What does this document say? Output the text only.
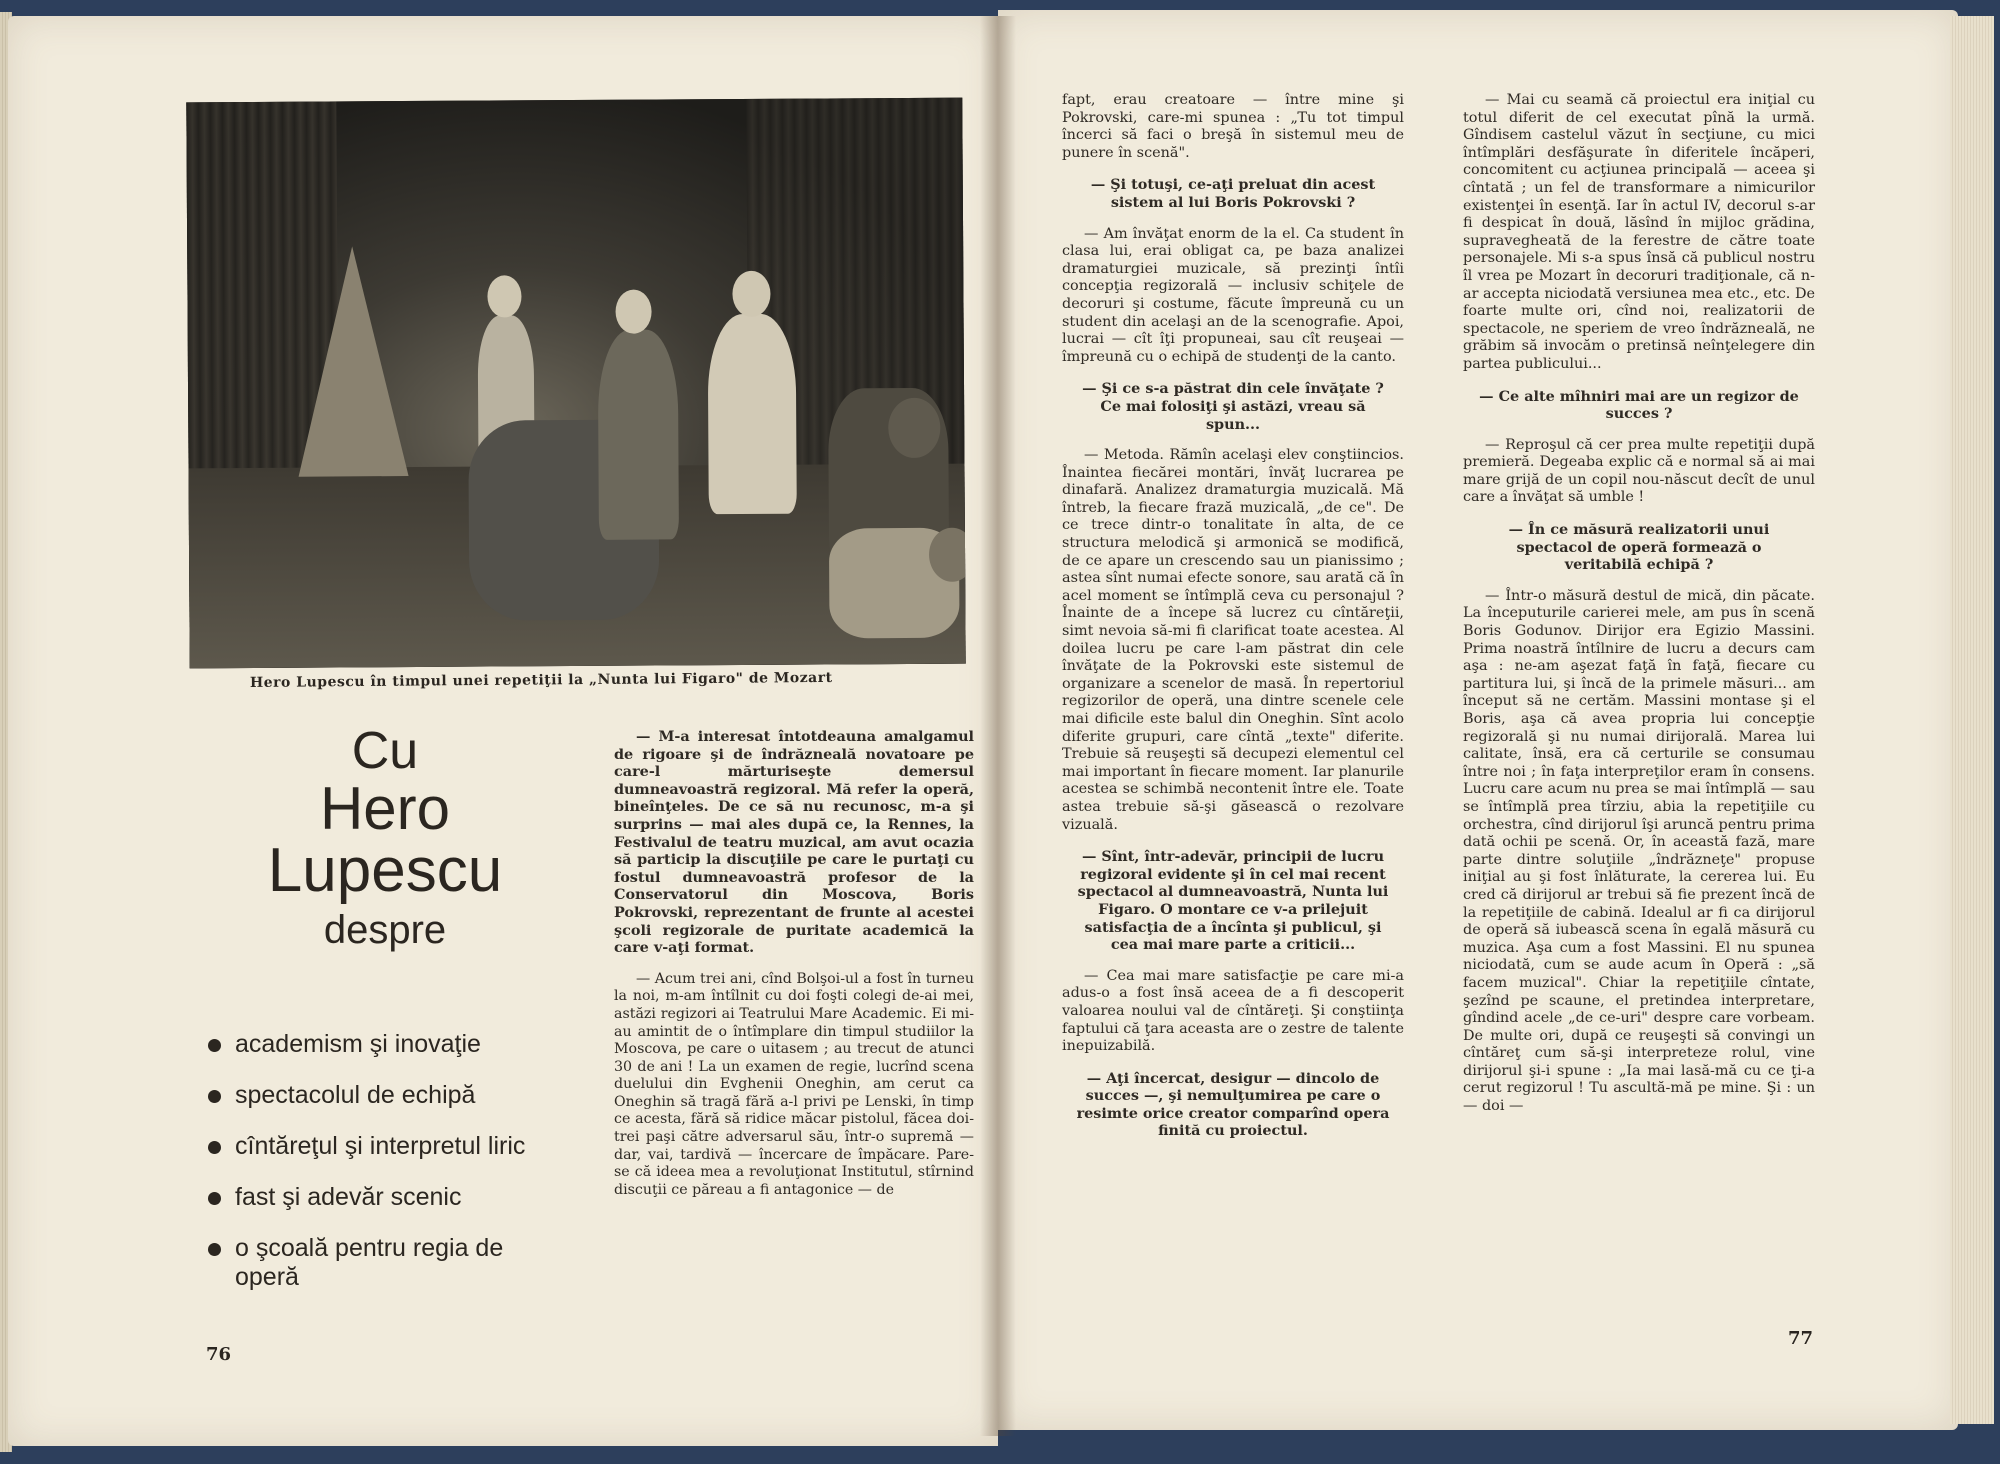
Hero Lupescu în timpul unei repetiţii la „Nunta lui Figaro" de Mozart
Cu
Hero
Lupescu
despre
academism şi inovaţie
spectacolul de echipă
cîntăreţul şi interpretul liric
fast şi adevăr scenic
o şcoală pentru regia de operă

— M-a interesat întotdeauna amalgamul de rigoare şi de îndrăzneală novatoare pe care-l mărturiseşte demersul dumneavoastră regizoral. Mă refer la operă, bineînţeles. De ce să nu recunosc, m-a şi surprins — mai ales după ce, la Rennes, la Festivalul de teatru muzical, am avut ocazia să particip la discuţiile pe care le purtaţi cu fostul dumneavoastră profesor de la Conservatorul din Moscova, Boris Pokrovski, reprezentant de frunte al acestei şcoli regizorale de puritate academică la care v-aţi format.

— Acum trei ani, cînd Bolşoi-ul a fost în turneu la noi, m-am întîlnit cu doi foşti colegi de-ai mei, astăzi regizori ai Teatrului Mare Academic. Ei mi-au amintit de o întîmplare din timpul studiilor la Moscova, pe care o uitasem ; au trecut de atunci 30 de ani ! La un examen de regie, lucrînd scena duelului din Evghenii Oneghin, am cerut ca Oneghin să tragă fără a-l privi pe Lenski, în timp ce acesta, fără să ridice măcar pistolul, făcea doi-trei paşi către adversarul său, într-o supremă — dar, vai, tardivă — încercare de împăcare. Pare-se că ideea mea a revoluţionat Institutul, stîrnind discuţii ce păreau a fi antagonice — de

76

fapt, erau creatoare — între mine şi Pokrovski, care-mi spunea : „Tu tot timpul încerci să faci o breşă în sistemul meu de punere în scenă".

— Şi totuşi, ce-aţi preluat din acest sistem al lui Boris Pokrovski ?

— Am învăţat enorm de la el. Ca student în clasa lui, erai obligat ca, pe baza analizei dramaturgiei muzicale, să prezinţi întîi concepţia regizorală — inclusiv schiţele de decoruri şi costume, făcute împreună cu un student din acelaşi an de la scenografie. Apoi, lucrai — cît îţi propuneai, sau cît reuşeai — împreună cu o echipă de studenţi de la canto.

— Şi ce s-a păstrat din cele învăţate ? Ce mai folosiţi şi astăzi, vreau să spun...

— Metoda. Rămîn acelaşi elev conştiincios. Înaintea fiecărei montări, învăţ lucrarea pe dinafară. Analizez dramaturgia muzicală. Mă întreb, la fiecare frază muzicală, „de ce". De ce trece dintr-o tonalitate în alta, de ce structura melodică şi armonică se modifică, de ce apare un crescendo sau un pianissimo ; astea sînt numai efecte sonore, sau arată că în acel moment se întîmplă ceva cu personajul ? Înainte de a începe să lucrez cu cîntăreţii, simt nevoia să-mi fi clarificat toate acestea. Al doilea lucru pe care l-am păstrat din cele învăţate de la Pokrovski este sistemul de organizare a scenelor de masă. În repertoriul regizorilor de operă, una dintre scenele cele mai dificile este balul din Oneghin. Sînt acolo diferite grupuri, care cîntă „texte" diferite. Trebuie să reuşeşti să decupezi elementul cel mai important în fiecare moment. Iar planurile acestea se schimbă necontenit între ele. Toate astea trebuie să-şi găsească o rezolvare vizuală.

— Sînt, într-adevăr, principii de lucru regizoral evidente şi în cel mai recent spectacol al dumneavoastră, Nunta lui Figaro. O montare ce v-a prilejuit satisfacţia de a încînta şi publicul, şi cea mai mare parte a criticii...

— Cea mai mare satisfacţie pe care mi-a adus-o a fost însă aceea de a fi descoperit valoarea noului val de cîntăreţi. Şi conştiinţa faptului că ţara aceasta are o zestre de talente inepuizabilă.

— Aţi încercat, desigur — dincolo de succes —, şi nemulţumirea pe care o resimte orice creator comparînd opera finită cu proiectul.

— Mai cu seamă că proiectul era iniţial cu totul diferit de cel executat pînă la urmă. Gîndisem castelul văzut în secţiune, cu mici întîmplări desfăşurate în diferitele încăperi, concomitent cu acţiunea principală — aceea şi cîntată ; un fel de transformare a nimicurilor existenţei în esenţă. Iar în actul IV, decorul s-ar fi despicat în două, lăsînd în mijloc grădina, supravegheată de la ferestre de către toate personajele. Mi s-a spus însă că publicul nostru îl vrea pe Mozart în decoruri tradiţionale, că n-ar accepta niciodată versiunea mea etc., etc. De foarte multe ori, cînd noi, realizatorii de spectacole, ne speriem de vreo îndrăzneală, ne grăbim să invocăm o pretinsă neînţelegere din partea publicului...

— Ce alte mîhniri mai are un regizor de succes ?

— Reproşul că cer prea multe repetiţii după premieră. Degeaba explic că e normal să ai mai mare grijă de un copil nou-născut decît de unul care a învăţat să umble !

— În ce măsură realizatorii unui spectacol de operă formează o veritabilă echipă ?

— Într-o măsură destul de mică, din păcate. La începuturile carierei mele, am pus în scenă Boris Godunov. Dirijor era Egizio Massini. Prima noastră întîlnire de lucru a decurs cam aşa : ne-am aşezat faţă în faţă, fiecare cu partitura lui, şi încă de la primele măsuri... am început să ne certăm. Massini montase şi el Boris, aşa că avea propria lui concepţie regizorală şi nu numai dirijorală. Marea lui calitate, însă, era că certurile se consumau între noi ; în faţa interpreţilor eram în consens. Lucru care acum nu prea se mai întîmplă — sau se întîmplă prea tîrziu, abia la repetiţiile cu orchestra, cînd dirijorul îşi aruncă pentru prima dată ochii pe scenă. Or, în această fază, mare parte dintre soluţiile „îndrăzneţe" propuse iniţial au şi fost înlăturate, la cererea lui. Eu cred că dirijorul ar trebui să fie prezent încă de la repetiţiile de cabină. Idealul ar fi ca dirijorul de operă să iubească scena în egală măsură cu muzica. Aşa cum a fost Massini. El nu spunea niciodată, cum se aude acum în Operă : „să facem muzical". Chiar la repetiţiile cîntate, şezînd pe scaune, el pretindea interpretare, gîndind acele „de ce-uri" despre care vorbeam. De multe ori, după ce reuşeşti să convingi un cîntăreţ cum să-şi interpreteze rolul, vine dirijorul şi-i spune : „Ia mai lasă-mă cu ce ţi-a cerut regizorul ! Tu ascultă-mă pe mine. Şi : un — doi —

77
